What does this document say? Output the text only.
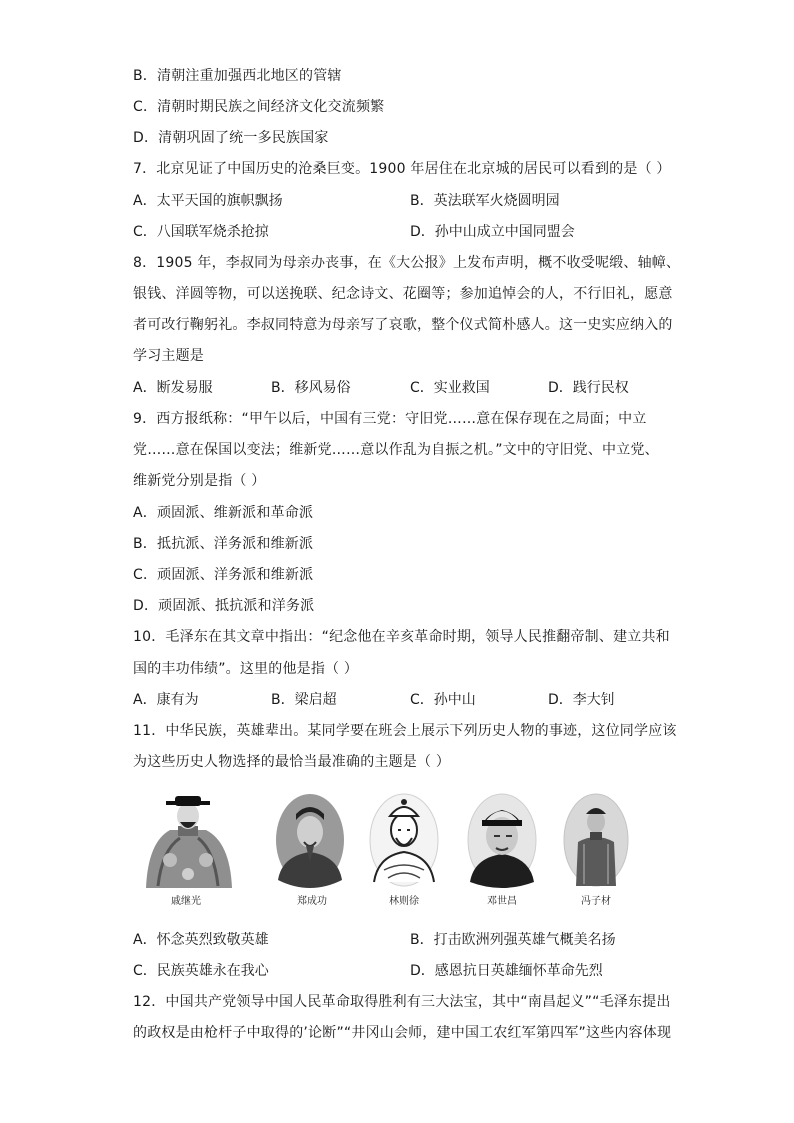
B．清朝注重加强西北地区的管辖
C．清朝时期民族之间经济文化交流频繁
D．清朝巩固了统一多民族国家
7．北京见证了中国历史的沧桑巨变。1900 年居住在北京城的居民可以看到的是（ ）
A．太平天国的旗帜飘扬	B．英法联军火烧圆明园
C．八国联军烧杀抢掠	D．孙中山成立中国同盟会
8．1905 年，李叔同为母亲办丧事，在《大公报》上发布声明，概不收受呢缎、轴幛、
银钱、洋圆等物，可以送挽联、纪念诗文、花圈等；参加追悼会的人，不行旧礼，愿意
者可改行鞠躬礼。李叔同特意为母亲写了哀歌，整个仪式简朴感人。这一史实应纳入的
学习主题是
A．断发易服	B．移风易俗	C．实业救国	D．践行民权
9．西方报纸称：“甲午以后，中国有三党：守旧党……意在保存现在之局面；中立
党……意在保国以变法；维新党……意以作乱为自振之机。”文中的守旧党、中立党、
维新党分别是指（ ）
A．顽固派、维新派和革命派
B．抵抗派、洋务派和维新派
C．顽固派、洋务派和维新派
D．顽固派、抵抗派和洋务派
10．毛泽东在其文章中指出：“纪念他在辛亥革命时期，领导人民推翻帝制、建立共和
国的丰功伟绩”。这里的他是指（ ）
A．康有为	B．梁启超	C．孙中山	D．李大钊
11．中华民族，英雄辈出。某同学要在班会上展示下列历史人物的事迹，这位同学应该
为这些历史人物选择的最恰当最准确的主题是（ ）
戚继光	郑成功	林则徐	邓世昌	冯子材
A．怀念英烈致敬英雄	B．打击欧洲列强英雄气概美名扬
C．民族英雄永在我心	D．感恩抗日英雄缅怀革命先烈
12．中国共产党领导中国人民革命取得胜利有三大法宝，其中“南昌起义”“毛泽东提出
的政权是由枪杆子中取得的’论断”“井冈山会师，建中国工农红军第四军”这些内容体现
